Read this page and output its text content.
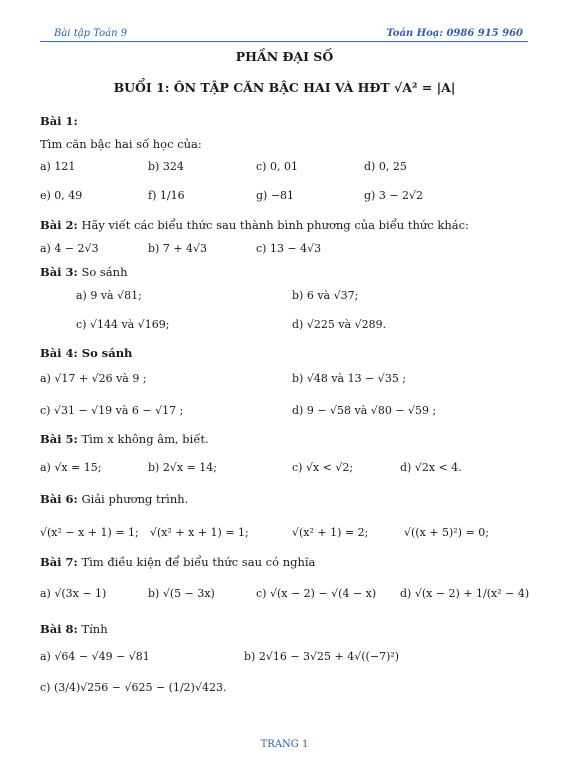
Bài tập Toán 9	Toán Hoạ: 0986 915 960
PHẦN ĐẠI SỐ
BUỔI 1: ÔN TẬP CĂN BẬC HAI VÀ HĐT √A² = |A|
Bài 1:
Tìm căn bậc hai số học của:
a) 121	b) 324	c) 0, 01	d) 0, 25
e) 0, 49	f) 1/16	g) −81	g) 3 − 2√2
Bài 2: Hãy viết các biểu thức sau thành bình phương của biểu thức khác:
a) 4 − 2√3	b) 7 + 4√3	c) 13 − 4√3
Bài 3: So sánh
a) 9 và √81;	b) 6 và √37;
c) √144 và √169;	d) √225 và √289.
Bài 4: So sánh
a) √17 + √26 và 9 ;	b) √48 và 13 − √35 ;
c) √31 − √19 và 6 − √17 ;	d) 9 − √58 và √80 − √59 ;
Bài 5: Tìm x không âm, biết.
a) √x = 15;	b) 2√x = 14;	c) √x < √2;	d) √2x < 4.
Bài 6: Giải phương trình.
√(x² − x + 1) = 1; √(x² + x + 1) = 1;	√(x² + 1) = 2;	√((x + 5)²) = 0;
Bài 7: Tìm điều kiện để biểu thức sau có nghĩa
a) √(3x − 1)	b) √(5 − 3x)	c) √(x − 2) − √(4 − x) d) √(x − 2) + 1/(x² − 4)
Bài 8: Tính
a) √64 − √49 − √81	b) 2√16 − 3√25 + 4√((−7)²)
c) (3/4)√256 − √625 − (1/2)√423.
TRANG 1
